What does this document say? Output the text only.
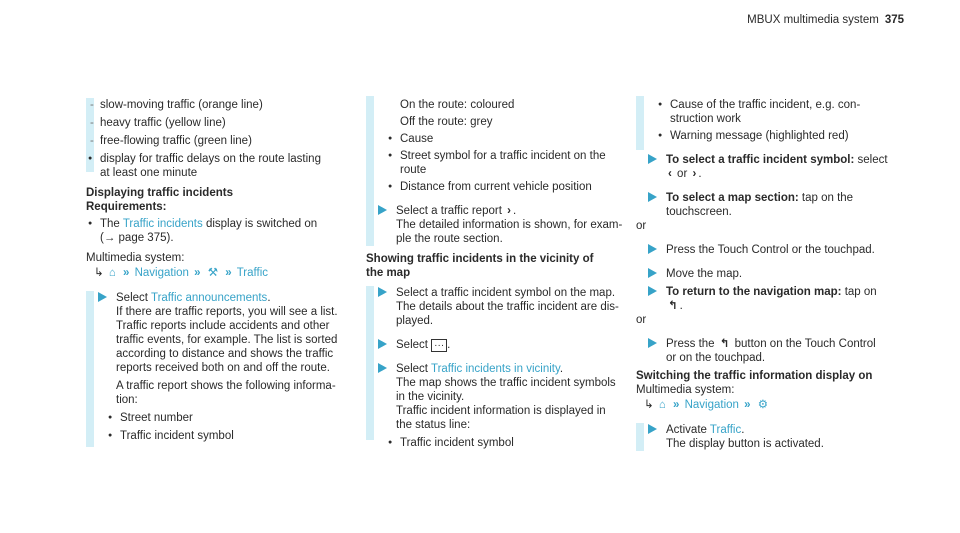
MBUX multimedia system 375
- slow-moving traffic (orange line)
- heavy traffic (yellow line)
- free-flowing traffic (green line)
● display for traffic delays on the route lasting
at least one minute
Displaying traffic incidents
Requirements:
● The Traffic incidents display is switched on
(→ page 375).
Multimedia system:
↳ ⌂ » Navigation » ⚒ » Traffic
Select Traffic announcements.
If there are traffic reports, you will see a list.
Traffic reports include accidents and other
traffic events, for example. The list is sorted
according to distance and shows the traffic
reports received both on and off the route.
A traffic report shows the following informa-
tion:
● Street number
● Traffic incident symbol
On the route: coloured
Off the route: grey
● Cause
● Street symbol for a traffic incident on the
route
● Distance from current vehicle position
Select a traffic report › .
The detailed information is shown, for exam-
ple the route section.
Showing traffic incidents in the vicinity of
the map
Select a traffic incident symbol on the map.
The details about the traffic incident are dis-
played.
Select ··· .
Select Traffic incidents in vicinity.
The map shows the traffic incident symbols
in the vicinity.
Traffic incident information is displayed in
the status line:
● Traffic incident symbol
● Cause of the traffic incident, e.g. con-
struction work
● Warning message (highlighted red)
To select a traffic incident symbol: select
‹ or › .
To select a map section: tap on the
touchscreen.
or
Press the Touch Control or the touchpad.
Move the map.
To return to the navigation map: tap on
↰ .
or
Press the ↰ button on the Touch Control
or on the touchpad.
Switching the traffic information display on
Multimedia system:
↳ ⌂ » Navigation » ⚙
Activate Traffic.
The display button is activated.
